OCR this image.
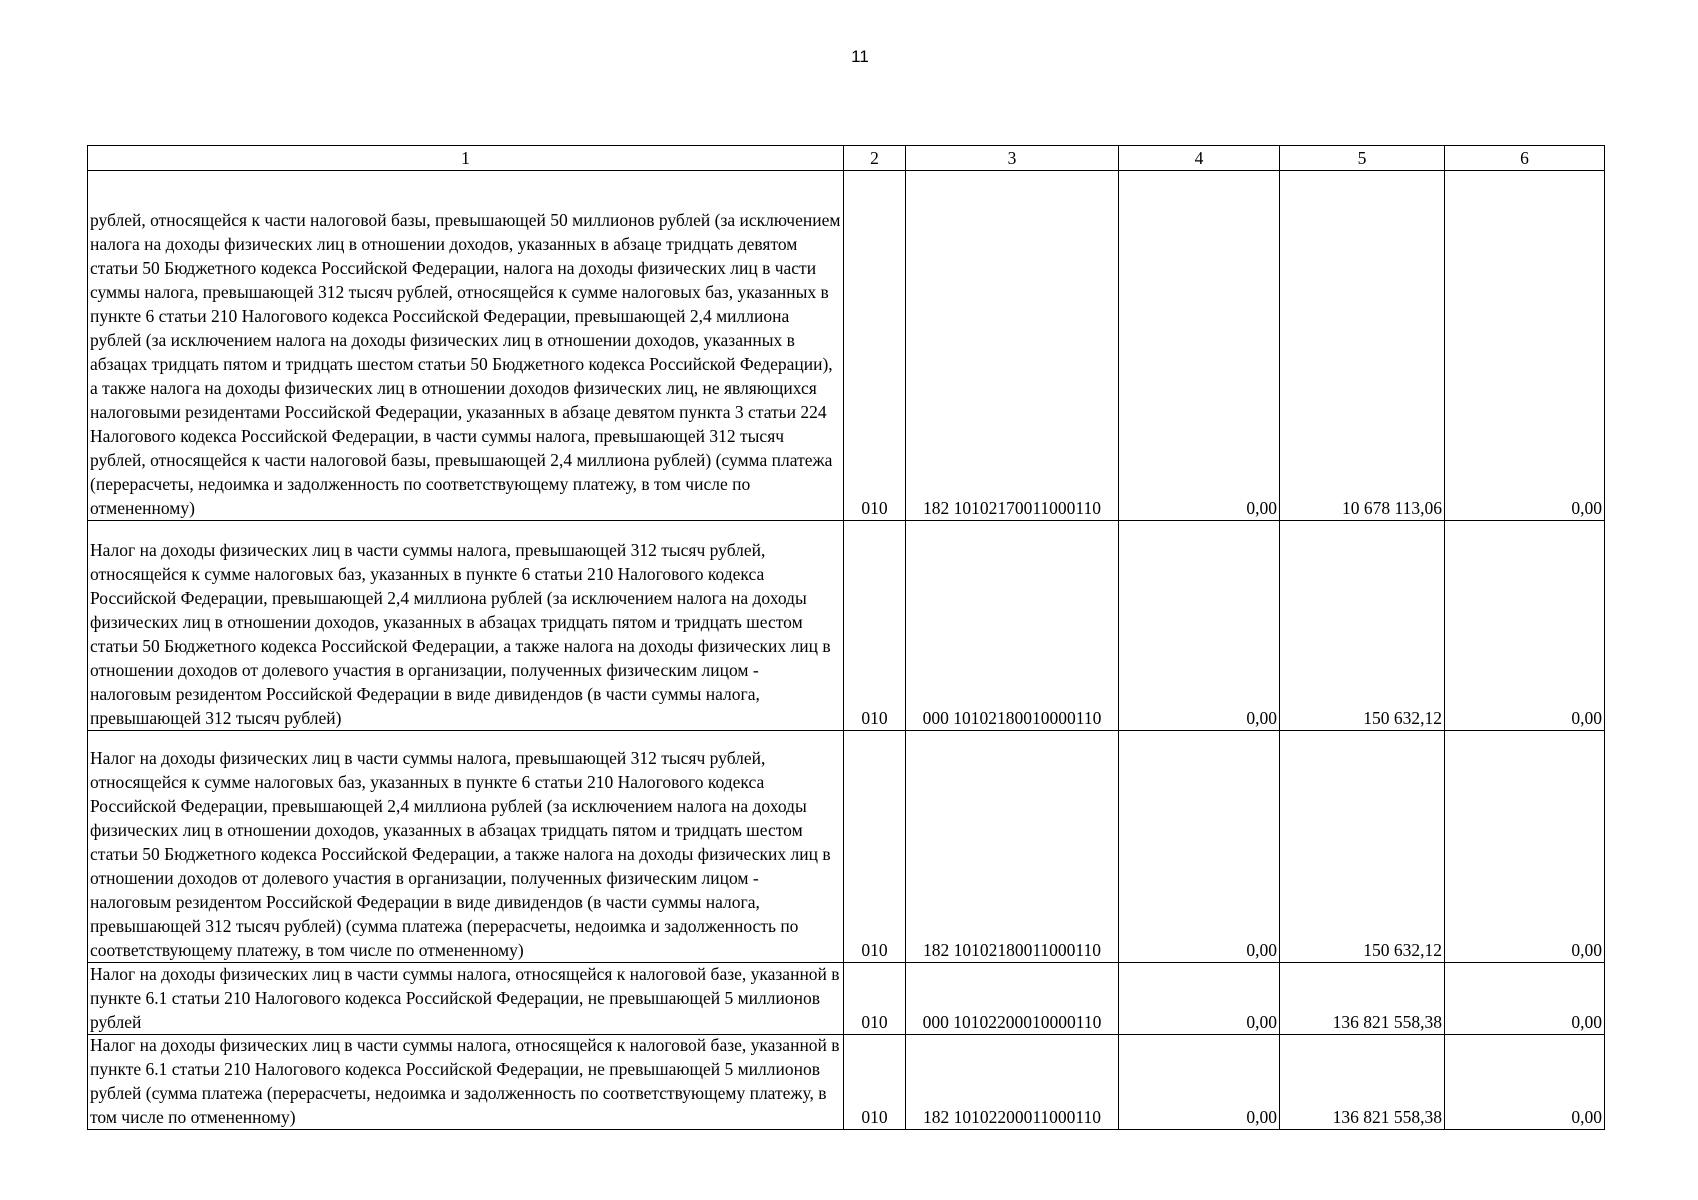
11
1	2	3	4	5	6

рублей, относящейся к части налоговой базы, превышающей 50 миллионов рублей (за исключением налога на доходы физических лиц в отношении доходов, указанных в абзаце тридцать девятом статьи 50 Бюджетного кодекса Российской Федерации, налога на доходы физических лиц в части суммы налога, превышающей 312 тысяч рублей, относящейся к сумме налоговых баз, указанных в пункте 6 статьи 210 Налогового кодекса Российской Федерации, превышающей 2,4 миллиона рублей (за исключением налога на доходы физических лиц в отношении доходов, указанных в абзацах тридцать пятом и тридцать шестом статьи 50 Бюджетного кодекса Российской Федерации), а также налога на доходы физических лиц в отношении доходов физических лиц, не являющихся налоговыми резидентами Российской Федерации, указанных в абзаце девятом пункта 3 статьи 224 Налогового кодекса Российской Федерации, в части суммы налога, превышающей 312 тысяч рублей, относящейся к части налоговой базы, превышающей 2,4 миллиона рублей) (сумма платежа (перерасчеты, недоимка и задолженность по соответствующему платежу, в том числе по отмененному)	010	182 10102170011000110	0,00	10 678 113,06	0,00

Налог на доходы физических лиц в части суммы налога, превышающей 312 тысяч рублей, относящейся к сумме налоговых баз, указанных в пункте 6 статьи 210 Налогового кодекса Российской Федерации, превышающей 2,4 миллиона рублей (за исключением налога на доходы физических лиц в отношении доходов, указанных в абзацах тридцать пятом и тридцать шестом статьи 50 Бюджетного кодекса Российской Федерации, а также налога на доходы физических лиц в отношении доходов от долевого участия в организации, полученных физическим лицом - налоговым резидентом Российской Федерации в виде дивидендов (в части суммы налога, превышающей 312 тысяч рублей)	010	000 10102180010000110	0,00	150 632,12	0,00

Налог на доходы физических лиц в части суммы налога, превышающей 312 тысяч рублей, относящейся к сумме налоговых баз, указанных в пункте 6 статьи 210 Налогового кодекса Российской Федерации, превышающей 2,4 миллиона рублей (за исключением налога на доходы физических лиц в отношении доходов, указанных в абзацах тридцать пятом и тридцать шестом статьи 50 Бюджетного кодекса Российской Федерации, а также налога на доходы физических лиц в отношении доходов от долевого участия в организации, полученных физическим лицом - налоговым резидентом Российской Федерации в виде дивидендов (в части суммы налога, превышающей 312 тысяч рублей) (сумма платежа (перерасчеты, недоимка и задолженность по соответствующему платежу, в том числе по отмененному)	010	182 10102180011000110	0,00	150 632,12	0,00

Налог на доходы физических лиц в части суммы налога, относящейся к налоговой базе, указанной в пункте 6.1 статьи 210 Налогового кодекса Российской Федерации, не превышающей 5 миллионов рублей	010	000 10102200010000110	0,00	136 821 558,38	0,00

Налог на доходы физических лиц в части суммы налога, относящейся к налоговой базе, указанной в пункте 6.1 статьи 210 Налогового кодекса Российской Федерации, не превышающей 5 миллионов рублей (сумма платежа (перерасчеты, недоимка и задолженность по соответствующему платежу, в том числе по отмененному)	010	182 10102200011000110	0,00	136 821 558,38	0,00
